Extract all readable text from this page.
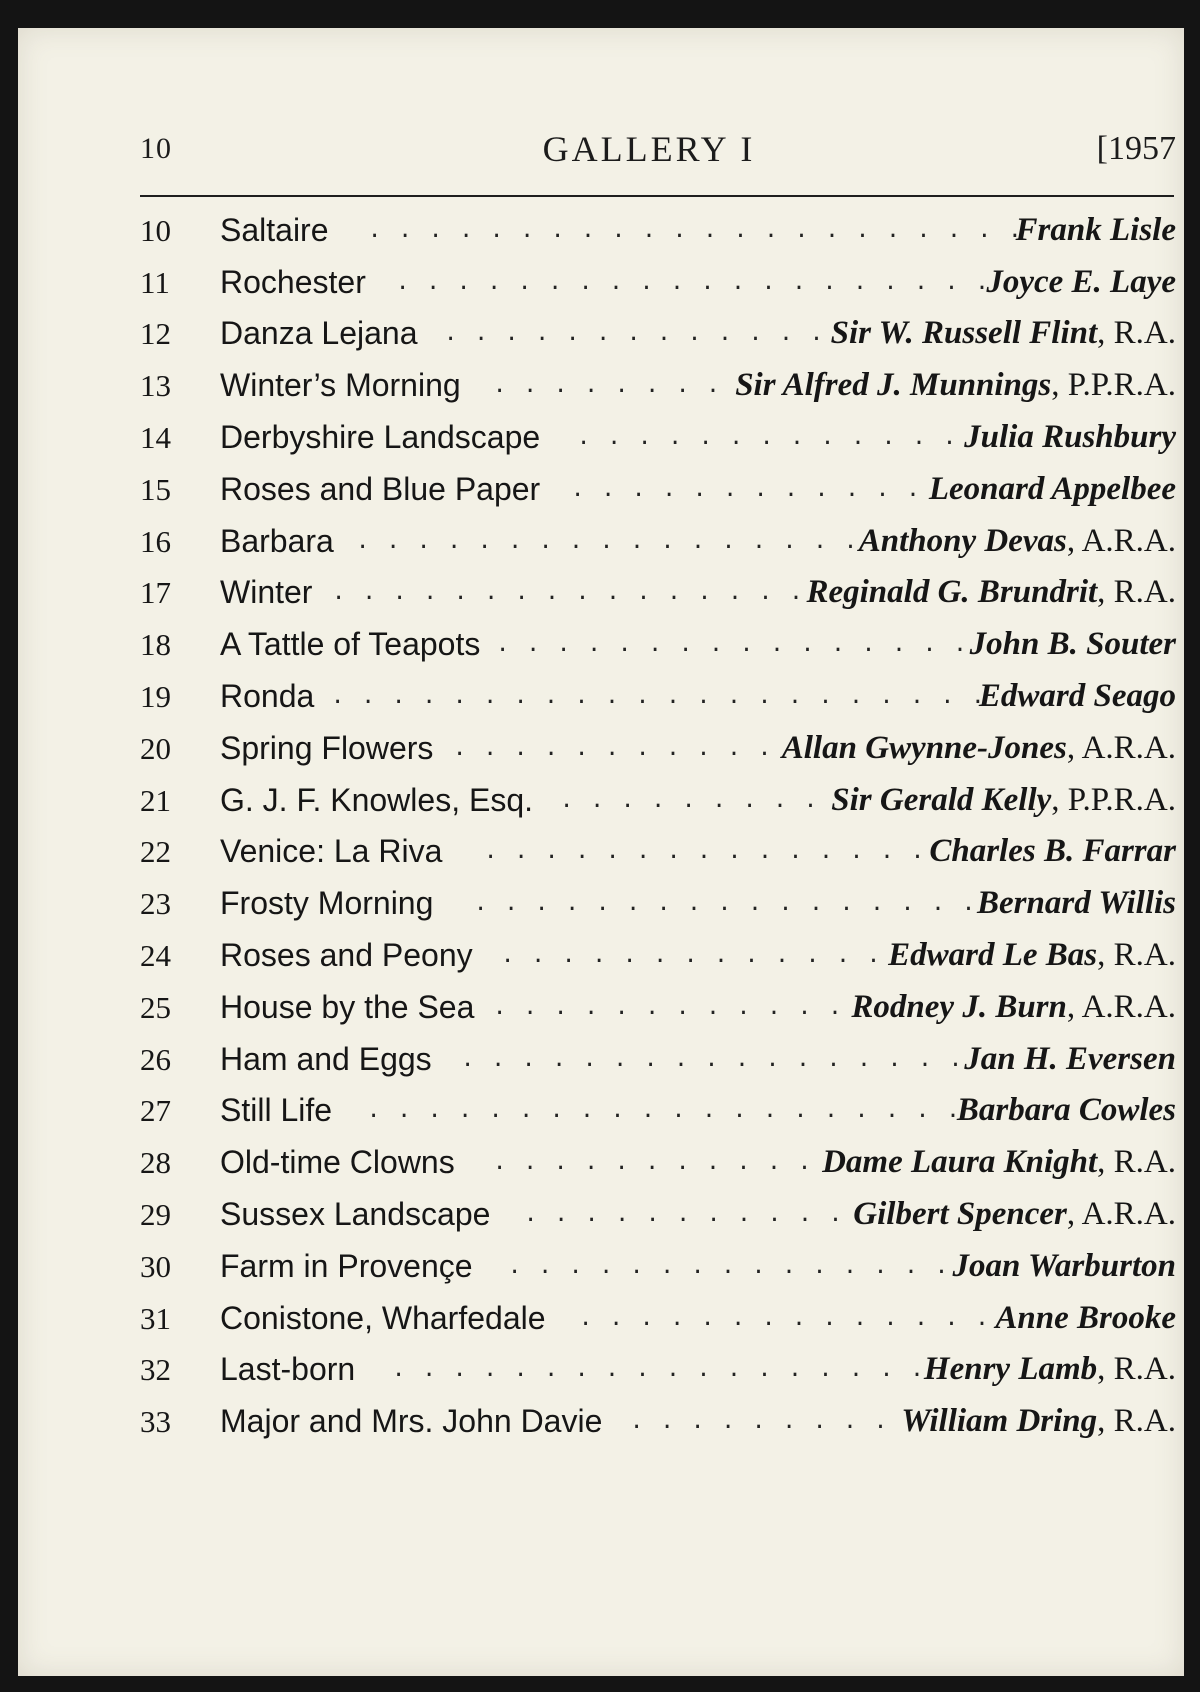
10	GALLERY I	[1957
10 Saltaire . . . . . . . . . . . . . . . . . . . . . .
Frank Lisle
11 Rochester . . . . . . . . . . . . . . . . . . . .
Joyce E. Laye
12 Danza Lejana . . . . . . . . . . . . . Sir W. Russell Flint, R.A.
13 Winter’s Morning . . . . . . . . Sir Alfred J. Munnings, P.P.R.A.
14 Derbyshire Landscape . . . . . . . . . . . . . Julia Rushbury
15 Roses and Blue Paper . . . . . . . . . . . . Leonard Appelbee
16 Barbara . . . . . . . . . . . . . . . . . Anthony Devas, A.R.A.
17 Winter . . . . . . . . . . . . . . . . Reginald G. Brundrit, R.A.
18 A Tattle of Teapots . . . . . . . . . . . . . . . . John B. Souter
19 Ronda . . . . . . . . . . . . . . . . . . . . . .
Edward Seago
20 Spring Flowers . . . . . . . . . . . Allan Gwynne-Jones, A.R.A.
21 G. J. F. Knowles, Esq. . . . . . . . . . Sir Gerald Kelly, P.P.R.A.
22 Venice: La Riva . . . . . . . . . . . . . . . Charles B. Farrar
23 Frosty Morning . . . . . . . . . . . . . . . . . Bernard Willis
24 Roses and Peony . . . . . . . . . . . . . Edward Le Bas, R.A.
25 House by the Sea . . . . . . . . . . . . Rodney J. Burn, A.R.A.
26 Ham and Eggs . . . . . . . . . . . . . . . . . Jan H. Eversen
27 Still Life . . . . . . . . . . . . . . . . . . . .
Barbara Cowles
28 Old-time Clowns . . . . . . . . . . . Dame Laura Knight, R.A.
29 Sussex Landscape . . . . . . . . . . . Gilbert Spencer, A.R.A.
30 Farm in Provençe . . . . . . . . . . . . . . . Joan Warburton
31 Conistone, Wharfedale . . . . . . . . . . . . . . Anne Brooke
32 Last-born . . . . . . . . . . . . . . . . . .
Henry Lamb, R.A.
33 Major and Mrs. John Davie . . . . . . . . . William Dring, R.A.
